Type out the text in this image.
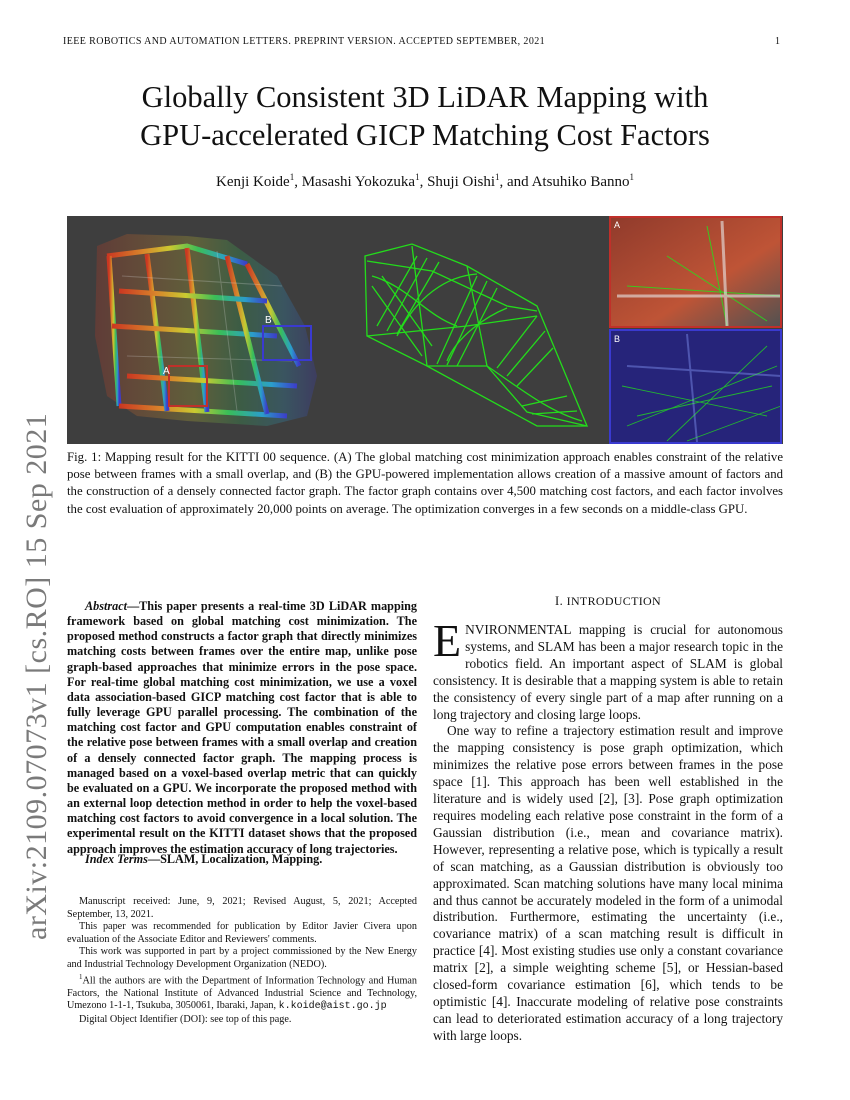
IEEE ROBOTICS AND AUTOMATION LETTERS. PREPRINT VERSION. ACCEPTED SEPTEMBER, 2021	1
arXiv:2109.07073v1 [cs.RO] 15 Sep 2021
Globally Consistent 3D LiDAR Mapping with
GPU-accelerated GICP Matching Cost Factors
Kenji Koide$^1$, Masashi Yokozuka$^1$, Shuji Oishi$^1$, and Atsuhiko Banno$^1$
A
B
A
B

Fig. 1: Mapping result for the KITTI 00 sequence. (A) The global matching cost minimization approach enables constraint of the relative pose between frames with a small overlap, and (B) the GPU-powered implementation allows creation of a massive amount of factors and the construction of a densely connected factor graph. The factor graph contains over 4,500 matching cost factors, and each factor involves the cost evaluation of approximately 20,000 points on average. The optimization converges in a few seconds on a middle-class GPU.

Abstract—This paper presents a real-time 3D LiDAR mapping framework based on global matching cost minimization. The proposed method constructs a factor graph that directly minimizes matching costs between frames over the entire map, unlike pose graph-based approaches that minimize errors in the pose space. For real-time global matching cost minimization, we use a voxel data association-based GICP matching cost factor that is able to fully leverage GPU parallel processing. The combination of the matching cost factor and GPU computation enables constraint of the relative pose between frames with a small overlap and creation of a densely connected factor graph. The mapping process is managed based on a voxel-based overlap metric that can quickly be evaluated on a GPU. We incorporate the proposed method with an external loop detection method in order to help the voxel-based matching cost factors to avoid convergence in a local solution. The experimental result on the KITTI dataset shows that the proposed approach improves the estimation accuracy of long trajectories.

Index Terms—SLAM, Localization, Mapping.

Manuscript received: June, 9, 2021; Revised August, 5, 2021; Accepted September, 13, 2021.

This paper was recommended for publication by Editor Javier Civera upon evaluation of the Associate Editor and Reviewers' comments.

This work was supported in part by a project commissioned by the New Energy and Industrial Technology Development Organization (NEDO).

$^1$All the authors are with the Department of Information Technology and Human Factors, the National Institute of Advanced Industrial Science and Technology, Umezono 1-1-1, Tsukuba, 3050061, Ibaraki, Japan, k.koide@aist.go.jp

Digital Object Identifier (DOI): see top of this page.

I. INTRODUCTION

ENVIRONMENTAL mapping is crucial for autonomous systems, and SLAM has been a major research topic in the robotics field. An important aspect of SLAM is global consistency. It is desirable that a mapping system is able to retain the consistency of every single part of a map after running on a long trajectory and closing large loops.

One way to refine a trajectory estimation result and improve the mapping consistency is pose graph optimization, which minimizes the relative pose errors between frames in the pose space [1]. This approach has been well established in the literature and is widely used [2], [3]. Pose graph optimization requires modeling each relative pose constraint in the form of a Gaussian distribution (i.e., mean and covariance matrix). However, representing a relative pose, which is typically a result of scan matching, as a Gaussian distribution is obviously too approximated. Scan matching solutions have many local minima and thus cannot be accurately modeled in the form of a unimodal distribution. Furthermore, estimating the uncertainty (i.e., covariance matrix) of a scan matching result is difficult in practice [4]. Most existing studies use only a constant covariance matrix [2], a simple weighting scheme [5], or Hessian-based closed-form covariance estimation [6], which tends to be optimistic [4]. Inaccurate modeling of relative pose constraints can lead to deteriorated estimation accuracy of a long trajectory with large loops.
